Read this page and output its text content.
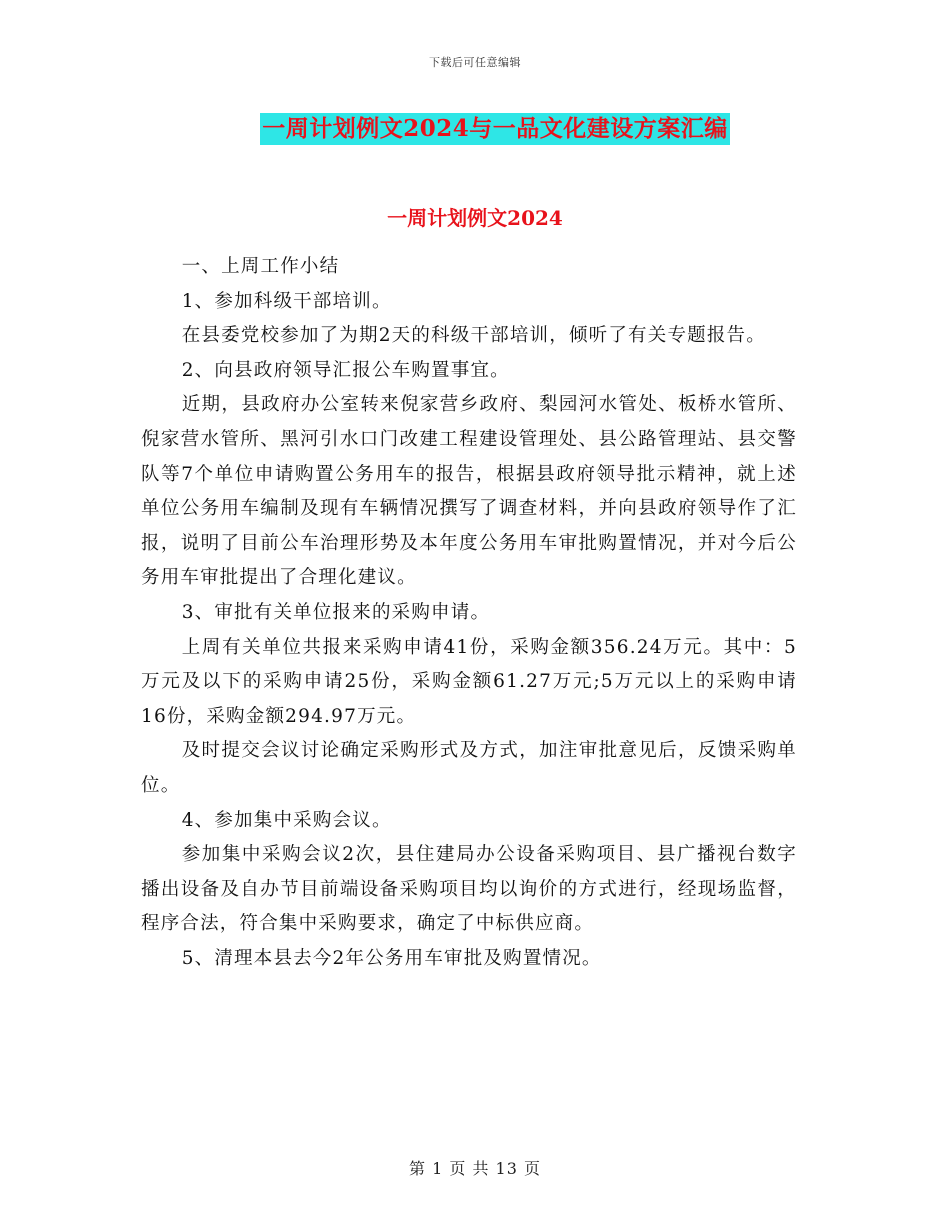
下载后可任意编辑
一周计划例文2024与一品文化建设方案汇编
一周计划例文2024

一、上周工作小结

1、参加科级干部培训。

在县委党校参加了为期2天的科级干部培训，倾听了有关专题报告。

2、向县政府领导汇报公车购置事宜。

近期，县政府办公室转来倪家营乡政府、梨园河水管处、板桥水管所、倪家营水管所、黑河引水口门改建工程建设管理处、县公路管理站、县交警队等7个单位申请购置公务用车的报告，根据县政府领导批示精神，就上述单位公务用车编制及现有车辆情况撰写了调查材料，并向县政府领导作了汇报，说明了目前公车治理形势及本年度公务用车审批购置情况，并对今后公务用车审批提出了合理化建议。

3、审批有关单位报来的采购申请。

上周有关单位共报来采购申请41份，采购金额356.24万元。其中：5万元及以下的采购申请25份，采购金额61.27万元;5万元以上的采购申请16份，采购金额294.97万元。

及时提交会议讨论确定采购形式及方式，加注审批意见后，反馈采购单位。

4、参加集中采购会议。

参加集中采购会议2次，县住建局办公设备采购项目、县广播视台数字播出设备及自办节目前端设备采购项目均以询价的方式进行，经现场监督，程序合法，符合集中采购要求，确定了中标供应商。

5、清理本县去今2年公务用车审批及购置情况。

第 1 页 共 13 页
